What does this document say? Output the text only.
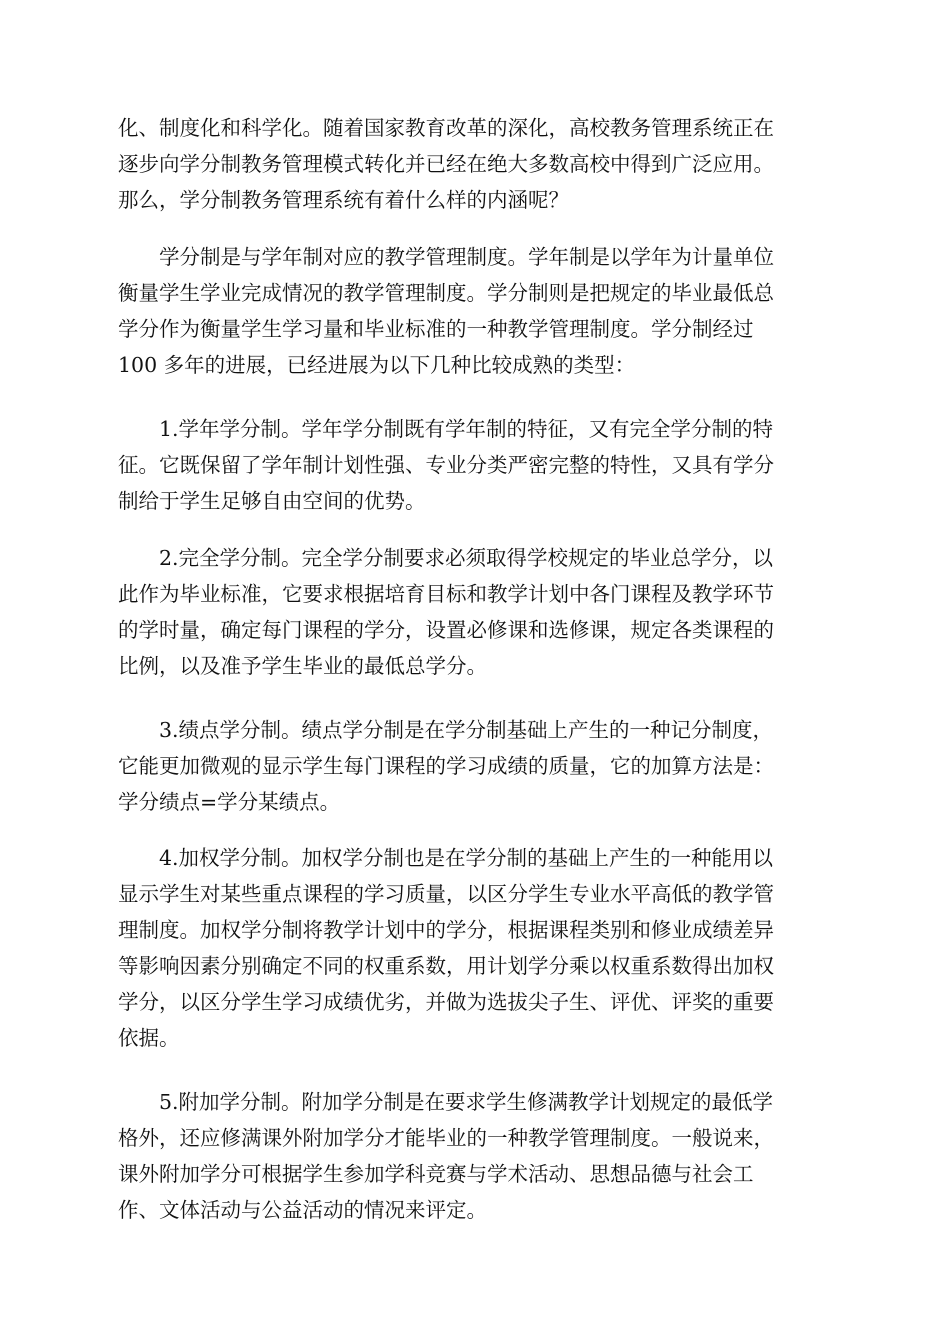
化、制度化和科学化。随着国家教育改革的深化，高校教务管理系统正在
逐步向学分制教务管理模式转化并已经在绝大多数高校中得到广泛应用。
那么，学分制教务管理系统有着什么样的内涵呢？
学分制是与学年制对应的教学管理制度。学年制是以学年为计量单位
衡量学生学业完成情况的教学管理制度。学分制则是把规定的毕业最低总
学分作为衡量学生学习量和毕业标准的一种教学管理制度。学分制经过
100 多年的进展，已经进展为以下几种比较成熟的类型：
1.学年学分制。学年学分制既有学年制的特征，又有完全学分制的特
征。它既保留了学年制计划性强、专业分类严密完整的特性，又具有学分
制给于学生足够自由空间的优势。
2.完全学分制。完全学分制要求必须取得学校规定的毕业总学分，以
此作为毕业标准，它要求根据培育目标和教学计划中各门课程及教学环节
的学时量，确定每门课程的学分，设置必修课和选修课，规定各类课程的
比例，以及准予学生毕业的最低总学分。
3.绩点学分制。绩点学分制是在学分制基础上产生的一种记分制度，
它能更加微观的显示学生每门课程的学习成绩的质量，它的加算方法是：
学分绩点=学分某绩点。
4.加权学分制。加权学分制也是在学分制的基础上产生的一种能用以
显示学生对某些重点课程的学习质量，以区分学生专业水平高低的教学管
理制度。加权学分制将教学计划中的学分，根据课程类别和修业成绩差异
等影响因素分别确定不同的权重系数，用计划学分乘以权重系数得出加权
学分，以区分学生学习成绩优劣，并做为选拔尖子生、评优、评奖的重要
依据。
5.附加学分制。附加学分制是在要求学生修满教学计划规定的最低学
格外，还应修满课外附加学分才能毕业的一种教学管理制度。一般说来，
课外附加学分可根据学生参加学科竞赛与学术活动、思想品德与社会工
作、文体活动与公益活动的情况来评定。
